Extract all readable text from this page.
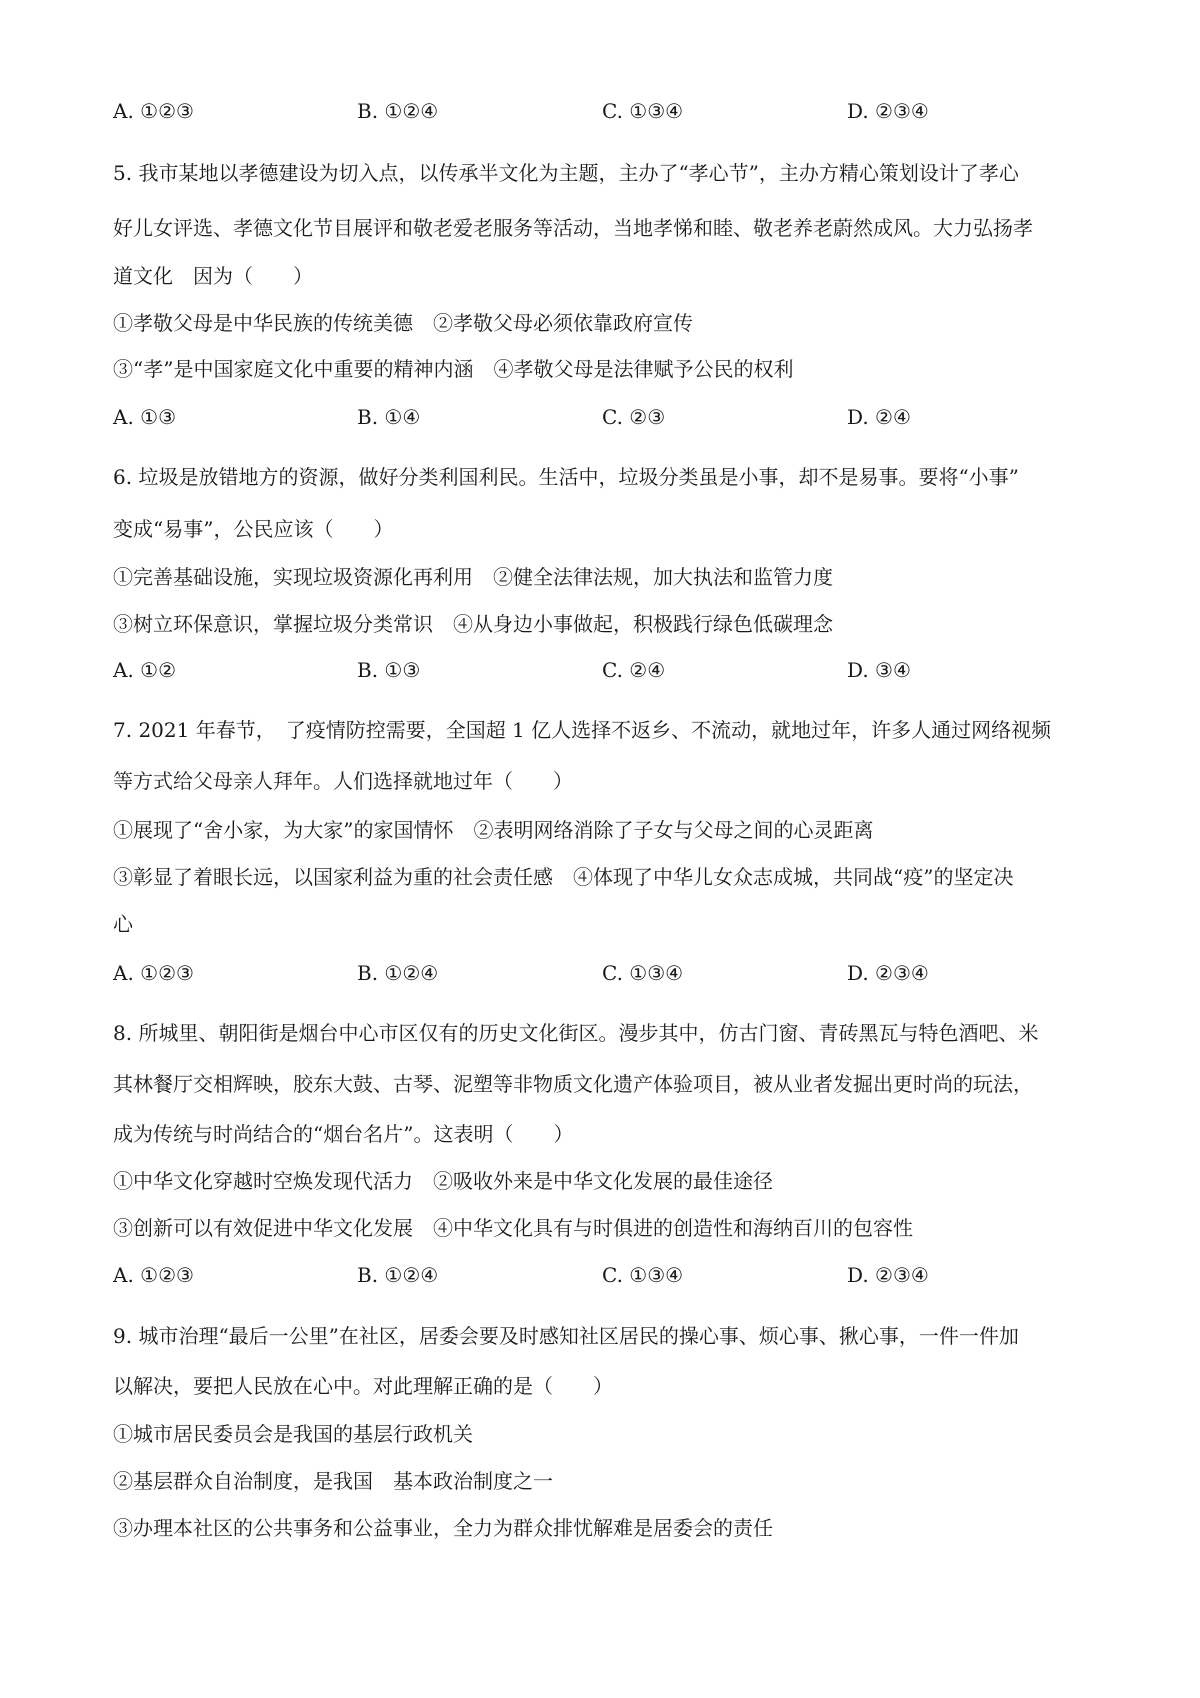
A. ①②③	B. ①②④	C. ①③④	D. ②③④
5. 我市某地以孝德建设为切入点，以传承半文化为主题，主办了“孝心节”，主办方精心策划设计了孝心
好儿女评选、孝德文化节目展评和敬老爱老服务等活动，当地孝悌和睦、敬老养老蔚然成风。大力弘扬孝
道文化　因为（　　）
①孝敬父母是中华民族的传统美德　②孝敬父母必须依靠政府宣传
③“孝”是中国家庭文化中重要的精神内涵　④孝敬父母是法律赋予公民的权利
A. ①③	B. ①④	C. ②③	D. ②④
6. 垃圾是放错地方的资源，做好分类利国利民。生活中，垃圾分类虽是小事，却不是易事。要将“小事”
变成“易事”，公民应该（　　）
①完善基础设施，实现垃圾资源化再利用　②健全法律法规，加大执法和监管力度
③树立环保意识，掌握垃圾分类常识　④从身边小事做起，积极践行绿色低碳理念
A. ①②	B. ①③	C. ②④	D. ③④
7. 2021 年春节，　了疫情防控需要，全国超 1 亿人选择不返乡、不流动，就地过年，许多人通过网络视频
等方式给父母亲人拜年。人们选择就地过年（　　）
①展现了“舍小家，为大家”的家国情怀　②表明网络消除了子女与父母之间的心灵距离
③彰显了着眼长远，以国家利益为重的社会责任感　④体现了中华儿女众志成城，共同战“疫”的坚定决
心
A. ①②③	B. ①②④	C. ①③④	D. ②③④
8. 所城里、朝阳街是烟台中心市区仅有的历史文化街区。漫步其中，仿古门窗、青砖黑瓦与特色酒吧、米
其林餐厅交相辉映，胶东大鼓、古琴、泥塑等非物质文化遗产体验项目，被从业者发掘出更时尚的玩法，
成为传统与时尚结合的“烟台名片”。这表明（　　）
①中华文化穿越时空焕发现代活力　②吸收外来是中华文化发展的最佳途径
③创新可以有效促进中华文化发展　④中华文化具有与时俱进的创造性和海纳百川的包容性
A. ①②③	B. ①②④	C. ①③④	D. ②③④
9. 城市治理“最后一公里”在社区，居委会要及时感知社区居民的操心事、烦心事、揪心事，一件一件加
以解决，要把人民放在心中。对此理解正确的是（　　）
①城市居民委员会是我国的基层行政机关
②基层群众自治制度，是我国　基本政治制度之一
③办理本社区的公共事务和公益事业，全力为群众排忧解难是居委会的责任
